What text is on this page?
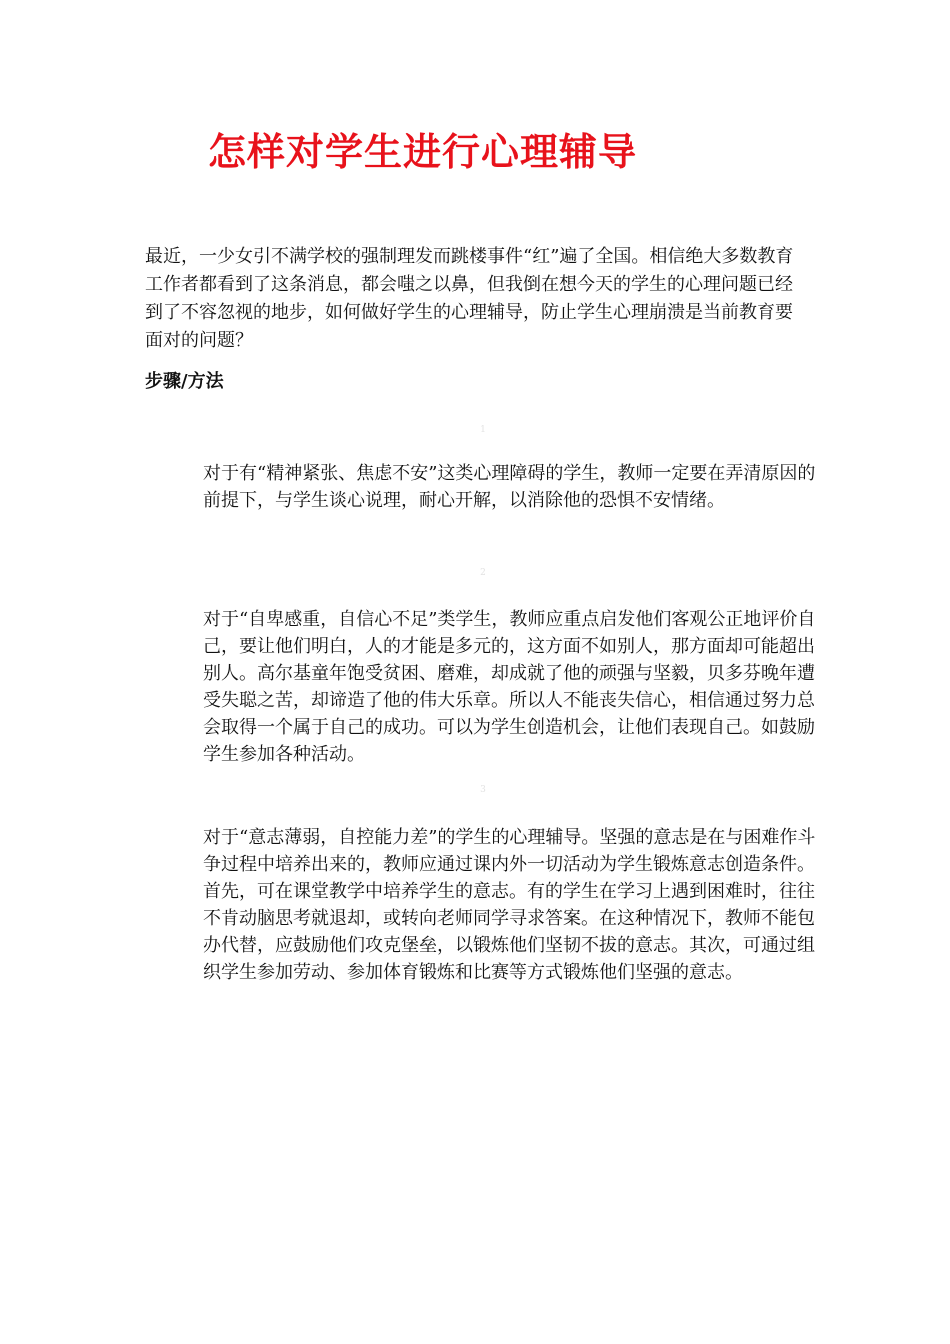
怎样对学生进行心理辅导

最近，一少女引不满学校的强制理发而跳楼事件“红”遍了全国。相信绝大多数教育工作者都看到了这条消息，都会嗤之以鼻，但我倒在想今天的学生的心理问题已经到了不容忽视的地步，如何做好学生的心理辅导，防止学生心理崩溃是当前教育要面对的问题？

步骤/方法
1

对于有“精神紧张、焦虑不安”这类心理障碍的学生，教师一定要在弄清原因的前提下，与学生谈心说理，耐心开解，以消除他的恐惧不安情绪。

2

对于“自卑感重，自信心不足”类学生，教师应重点启发他们客观公正地评价自己，要让他们明白，人的才能是多元的，这方面不如别人，那方面却可能超出别人。高尔基童年饱受贫困、磨难，却成就了他的顽强与坚毅，贝多芬晚年遭受失聪之苦，却谛造了他的伟大乐章。所以人不能丧失信心，相信通过努力总会取得一个属于自己的成功。可以为学生创造机会，让他们表现自己。如鼓励学生参加各种活动。

3

对于“意志薄弱，自控能力差”的学生的心理辅导。坚强的意志是在与困难作斗争过程中培养出来的，教师应通过课内外一切活动为学生锻炼意志创造条件。首先，可在课堂教学中培养学生的意志。有的学生在学习上遇到困难时，往往不肯动脑思考就退却，或转向老师同学寻求答案。在这种情况下，教师不能包办代替，应鼓励他们攻克堡垒，以锻炼他们坚韧不拔的意志。其次，可通过组织学生参加劳动、参加体育锻炼和比赛等方式锻炼他们坚强的意志。
